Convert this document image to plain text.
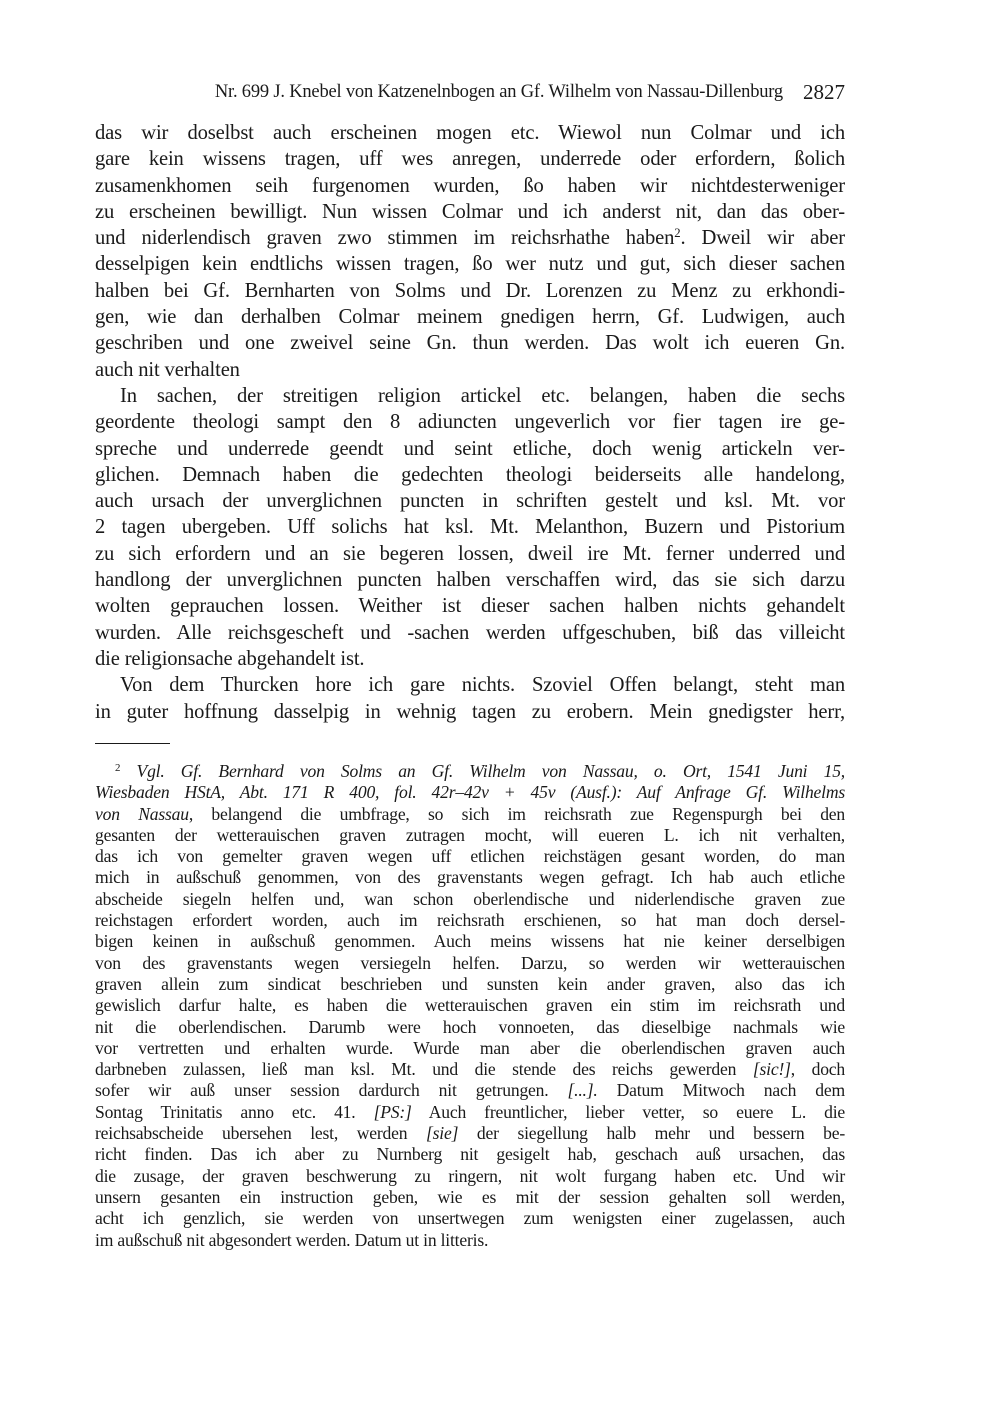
Nr. 699 J. Knebel von Katzenelnbogen an Gf. Wilhelm von Nassau-Dillenburg 2827
das wir doselbst auch erscheinen mogen etc. Wiewol nun Colmar und ich
gare kein wissens tragen, uff wes anregen, underrede oder erfordern, ßolich
zusamenkhomen seih furgenomen wurden, ßo haben wir nichtdesterweniger
zu erscheinen bewilligt. Nun wissen Colmar und ich anderst nit, dan das ober-
und niderlendisch graven zwo stimmen im reichsrhathe haben$^2$. Dweil wir aber
desselpigen kein endtlichs wissen tragen, ßo wer nutz und gut, sich dieser sachen
halben bei Gf. Bernharten von Solms und Dr. Lorenzen zu Menz zu erkhondi-
gen, wie dan derhalben Colmar meinem gnedigen herrn, Gf. Ludwigen, auch
geschriben und one zweivel seine Gn. thun werden. Das wolt ich eueren Gn.
auch nit verhalten
In sachen, der streitigen religion artickel etc. belangen, haben die sechs
geordente theologi sampt den 8 adiuncten ungeverlich vor fier tagen ire ge-
spreche und underrede geendt und seint etliche, doch wenig artickeln ver-
glichen. Demnach haben die gedechten theologi beiderseits alle handelong,
auch ursach der unverglichnen puncten in schriften gestelt und ksl. Mt. vor
2 tagen ubergeben. Uff solichs hat ksl. Mt. Melanthon, Buzern und Pistorium
zu sich erfordern und an sie begeren lossen, dweil ire Mt. ferner underred und
handlong der unverglichnen puncten halben verschaffen wird, das sie sich darzu
wolten geprauchen lossen. Weither ist dieser sachen halben nichts gehandelt
wurden. Alle reichsgescheft und -sachen werden uffgeschuben, biß das villeicht
die religionsache abgehandelt ist.
Von dem Thurcken hore ich gare nichts. Szoviel Offen belangt, steht man
in guter hoffnung dasselpig in wehnig tagen zu erobern. Mein gnedigster herr,
$^2$ Vgl. Gf. Bernhard von Solms an Gf. Wilhelm von Nassau, o. Ort, 1541 Juni 15,
Wiesbaden HStA, Abt. 171 R 400, fol. 42r–42v + 45v (Ausf.): Auf Anfrage Gf. Wilhelms
von Nassau, belangend die umbfrage, so sich im reichsrath zue Regenspurgh bei den
gesanten der wetterauischen graven zutragen mocht, will eueren L. ich nit verhalten,
das ich von gemelter graven wegen uff etlichen reichstägen gesant worden, do man
mich in außschuß genommen, von des gravenstants wegen gefragt. Ich hab auch etliche
abscheide siegeln helfen und, wan schon oberlendische und niderlendische graven zue
reichstagen erfordert worden, auch im reichsrath erschienen, so hat man doch dersel-
bigen keinen in außschuß genommen. Auch meins wissens hat nie keiner derselbigen
von des gravenstants wegen versiegeln helfen. Darzu, so werden wir wetterauischen
graven allein zum sindicat beschrieben und sunsten kein ander graven, also das ich
gewislich darfur halte, es haben die wetterauischen graven ein stim im reichsrath und
nit die oberlendischen. Darumb were hoch vonnoeten, das dieselbige nachmals wie
vor vertretten und erhalten wurde. Wurde man aber die oberlendischen graven auch
darbneben zulassen, ließ man ksl. Mt. und die stende des reichs gewerden [sic!], doch
sofer wir auß unser session dardurch nit getrungen. [...]. Datum Mitwoch nach dem
Sontag Trinitatis anno etc. 41. [PS:] Auch freuntlicher, lieber vetter, so euere L. die
reichsabscheide ubersehen lest, werden [sie] der siegellung halb mehr und bessern be-
richt finden. Das ich aber zu Nurnberg nit gesigelt hab, geschach auß ursachen, das
die zusage, der graven beschwerung zu ringern, nit wolt furgang haben etc. Und wir
unsern gesanten ein instruction geben, wie es mit der session gehalten soll werden,
acht ich genzlich, sie werden von unsertwegen zum wenigsten einer zugelassen, auch
im außschuß nit abgesondert werden. Datum ut in litteris.
